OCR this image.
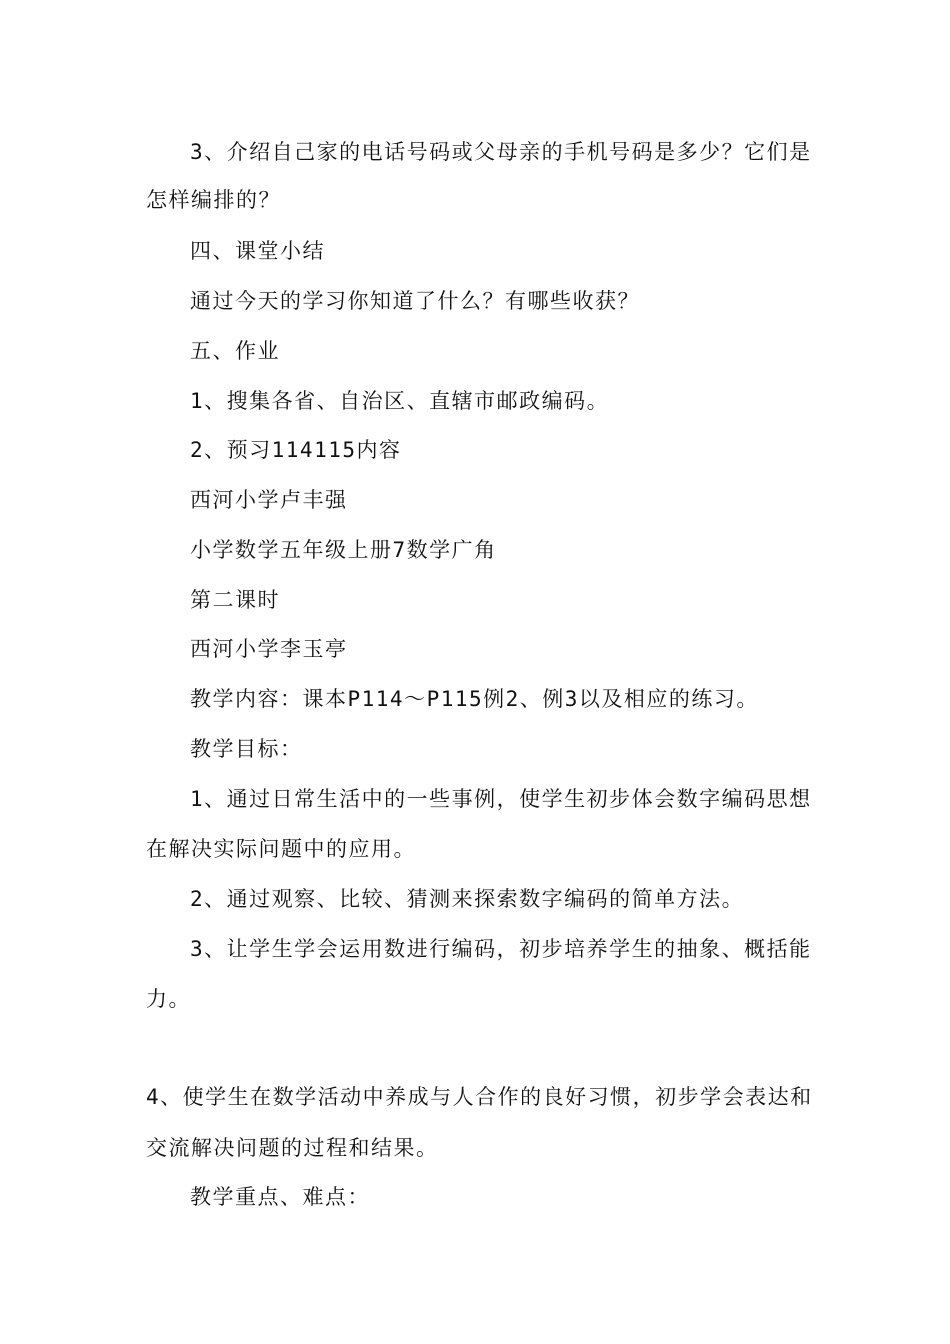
3、介绍自己家的电话号码或父母亲的手机号码是多少？它们是
怎样编排的？
四、课堂小结
通过今天的学习你知道了什么？有哪些收获？
五、作业
1、搜集各省、自治区、直辖市邮政编码。
2、预习114115内容
西河小学卢丰强
小学数学五年级上册7数学广角
第二课时
西河小学李玉亭
教学内容：课本P114～P115例2、例3以及相应的练习。
教学目标：
1、通过日常生活中的一些事例，使学生初步体会数字编码思想
在解决实际问题中的应用。
2、通过观察、比较、猜测来探索数字编码的简单方法。
3、让学生学会运用数进行编码，初步培养学生的抽象、概括能
力。
4、使学生在数学活动中养成与人合作的良好习惯，初步学会表达和
交流解决问题的过程和结果。
教学重点、难点：
